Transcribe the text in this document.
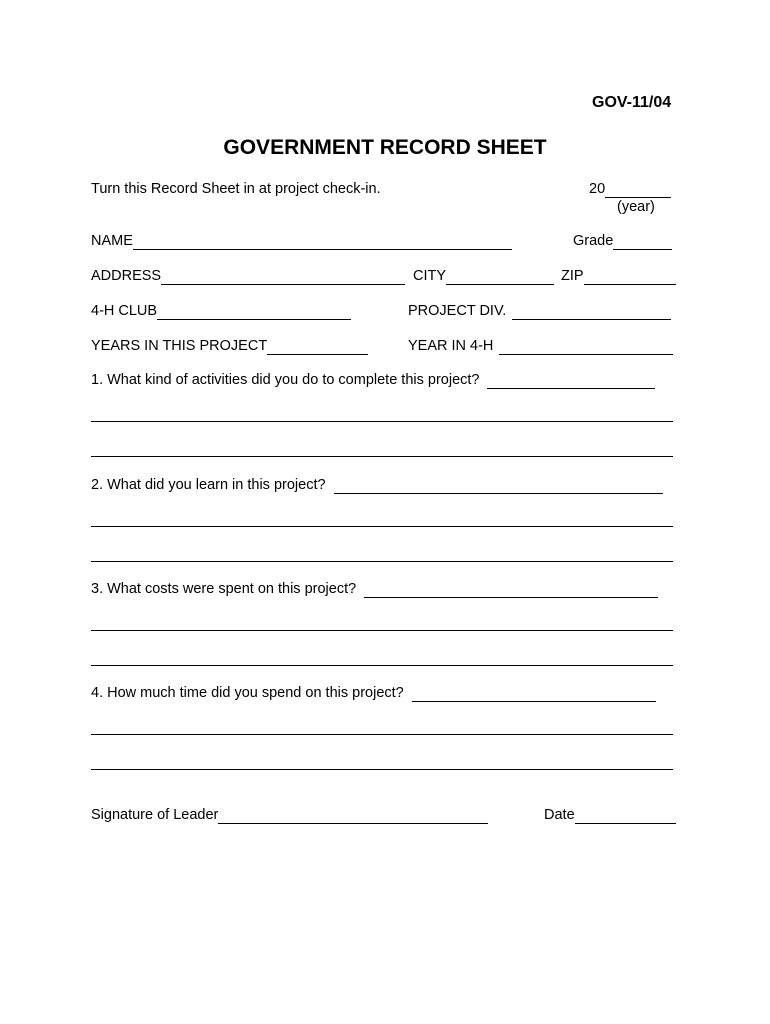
GOV-11/04
GOVERNMENT RECORD SHEET
Turn this Record Sheet in at project check-in.	20
(year)
NAME	Grade
ADDRESS	CITY	ZIP
4-H CLUB	PROJECT DIV.
YEARS IN THIS PROJECT	YEAR IN 4-H
1. What kind of activities did you do to complete this project?
2. What did you learn in this project?
3. What costs were spent on this project?
4. How much time did you spend on this project?
Signature of Leader	Date
